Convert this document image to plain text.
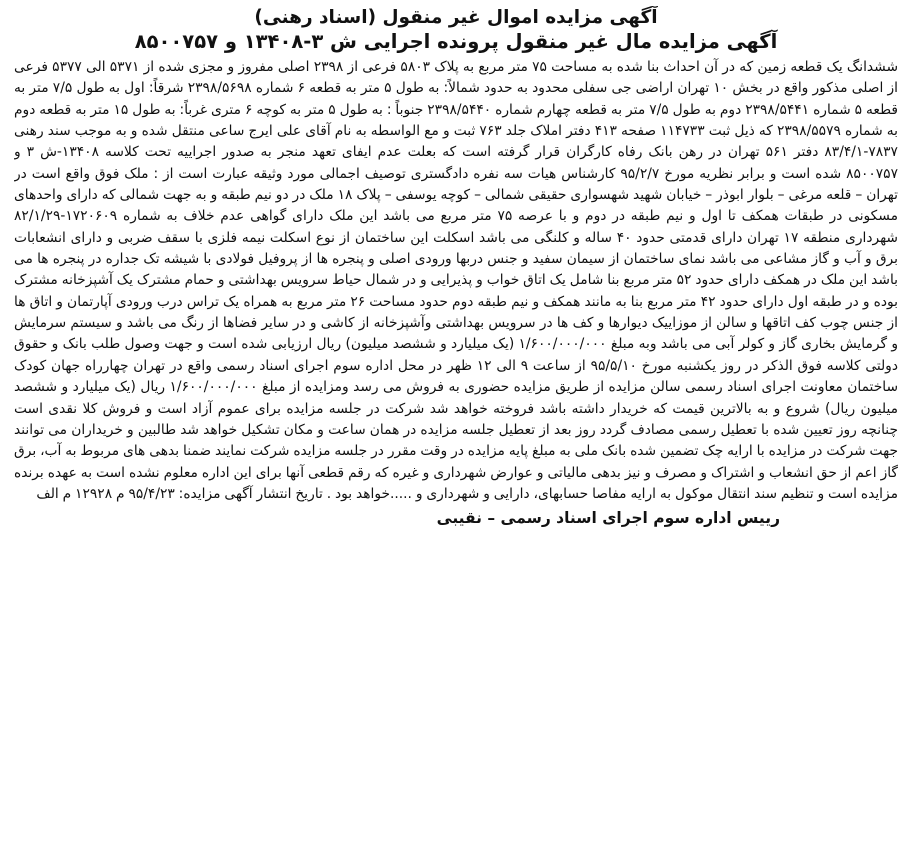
آگهی مزایده اموال غیر منقول (اسناد رهنی)
آگهی مزایده مال غیر منقول پرونده اجرایی ش ۳-۱۳۴۰۸ و ۸۵۰۰۷۵۷

ششدانگ یک قطعه زمین که در آن احداث بنا شده به مساحت ۷۵ متر مربع به پلاک ۵۸۰۳ فرعی از ۲۳۹۸ اصلی مفروز و مجزی شده از ۵۳۷۱ الی ۵۳۷۷ فرعی از اصلی مذکور واقع در بخش ۱۰ تهران اراضی جی سفلی محدود به حدود شمالاً: به طول ۵ متر به قطعه ۶ شماره ۲۳۹۸/۵۶۹۸ شرقاً: اول به طول ۷/۵ متر به قطعه ۵ شماره ۲۳۹۸/۵۴۴۱ دوم به طول ۷/۵ متر به قطعه چهارم شماره ۲۳۹۸/۵۴۴۰ جنوباً : به طول ۵ متر به کوچه ۶ متری غرباً: به طول ۱۵ متر به قطعه دوم به شماره ۲۳۹۸/۵۵۷۹ که ذیل ثبت ۱۱۴۷۳۳ صفحه ۴۱۳ دفتر املاک جلد ۷۶۳ ثبت و مع الواسطه به نام آقای علی ایرج ساعی منتقل شده و به موجب سند رهنی ۷۸۳۷-۸۳/۴/۱ دفتر ۵۶۱ تهران در رهن بانک رفاه کارگران قرار گرفته است که بعلت عدم ایفای تعهد منجر به صدور اجراییه تحت کلاسه ۱۳۴۰۸-ش ۳ و ۸۵۰۰۷۵۷ شده است و برابر نظریه مورخ ۹۵/۲/۷ کارشناس هیات سه نفره دادگستری توصیف اجمالی مورد وثیقه عبارت است از : ملک فوق واقع است در تهران – قلعه مرغی – بلوار ابوذر – خیابان شهید شهسواری حقیقی شمالی – کوچه یوسفی – پلاک ۱۸ ملک در دو نیم طبقه و به جهت شمالی که دارای واحدهای مسکونی در طبقات همکف تا اول و نیم طبقه در دوم و با عرصه ۷۵ متر مربع می باشد این ملک دارای گواهی عدم خلاف به شماره ۱۷۲۰۶۰۹-۸۲/۱/۲۹ شهرداری منطقه ۱۷ تهران دارای قدمتی حدود ۴۰ ساله و کلنگی می باشد اسکلت این ساختمان از نوع اسکلت نیمه فلزی با سقف ضربی و دارای انشعابات برق و آب و گاز مشاعی می باشد نمای ساختمان از سیمان سفید و جنس دربها ورودی اصلی و پنجره ها از پروفیل فولادی با شیشه تک جداره در پنجره ها می باشد این ملک در همکف دارای حدود ۵۲ متر مربع بنا شامل یک اتاق خواب و پذیرایی و در شمال حیاط سرویس بهداشتی و حمام مشترک یک آشپزخانه مشترک بوده و در طبقه اول دارای حدود ۴۲ متر مربع بنا به مانند همکف و نیم طبقه دوم حدود مساحت ۲۶ متر مربع به همراه یک تراس درب ورودی آپارتمان و اتاق ها از جنس چوب کف اتاقها و سالن از موزاییک دیوارها و کف ها در سرویس بهداشتی وآشپزخانه از کاشی و در سایر فضاها از رنگ می باشد و سیستم سرمایش و گرمایش بخاری گاز و کولر آبی می باشد وبه مبلغ ۱/۶۰۰/۰۰۰/۰۰۰ (یک میلیارد و ششصد میلیون) ریال ارزیابی شده است و جهت وصول طلب بانک و حقوق دولتی کلاسه فوق الذکر در روز یکشنبه مورخ ۹۵/۵/۱۰ از ساعت ۹ الی ۱۲ ظهر در محل اداره سوم اجرای اسناد رسمی واقع در تهران چهارراه جهان کودک ساختمان معاونت اجرای اسناد رسمی سالن مزایده از طریق مزایده حضوری به فروش می رسد ومزایده از مبلغ ۱/۶۰۰/۰۰۰/۰۰۰ ریال (یک میلیارد و ششصد میلیون ریال) شروع و به بالاترین قیمت که خریدار داشته باشد فروخته خواهد شد شرکت در جلسه مزایده برای عموم آزاد است و فروش کلا نقدی است چنانچه روز تعیین شده با تعطیل رسمی مصادف گردد روز بعد از تعطیل جلسه مزایده در همان ساعت و مکان تشکیل خواهد شد طالبین و خریداران می توانند جهت شرکت در مزایده با ارایه چک تضمین شده بانک ملی به مبلغ پایه مزایده در وقت مقرر در جلسه مزایده شرکت نمایند ضمنا بدهی های مربوط به آب، برق گاز اعم از حق انشعاب و اشتراک و مصرف و نیز بدهی مالیاتی و عوارض شهرداری و غیره که رقم قطعی آنها برای این اداره معلوم نشده است به عهده برنده مزایده است و تنظیم سند انتقال موکول به ارایه مفاصا حسابهای، دارایی و شهرداری و .....خواهد بود . تاریخ انتشار آگهی مزایده: ۹۵/۴/۲۳ م ۱۲۹۲۸ م الف

رییس اداره سوم اجرای اسناد رسمی – نقیبی
